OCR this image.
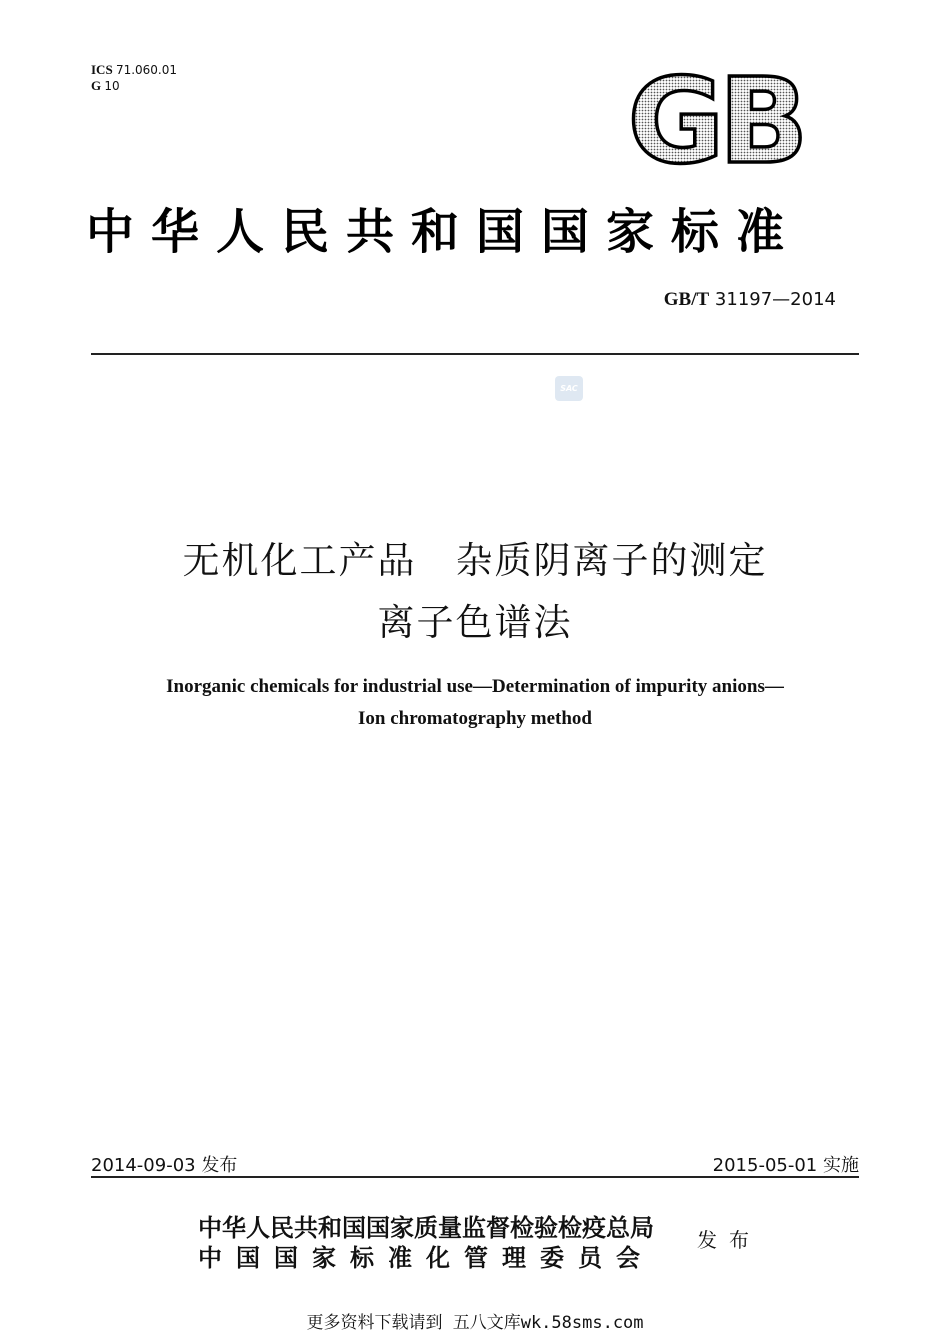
ICS 71.060.01
G 10	GB
中华人民共和国国家标准
GB/T 31197—2014
SAC
无机化工产品　杂质阴离子的测定
离子色谱法
Inorganic chemicals for industrial use—Determination of impurity anions—
Ion chromatography method
2014-09-03 发布	2015-05-01 实施
中华人民共和国国家质量监督检验检疫总局
中国国家标准化管理委员会
发布
更多资料下载请到 五八文库wk.58sms.com
